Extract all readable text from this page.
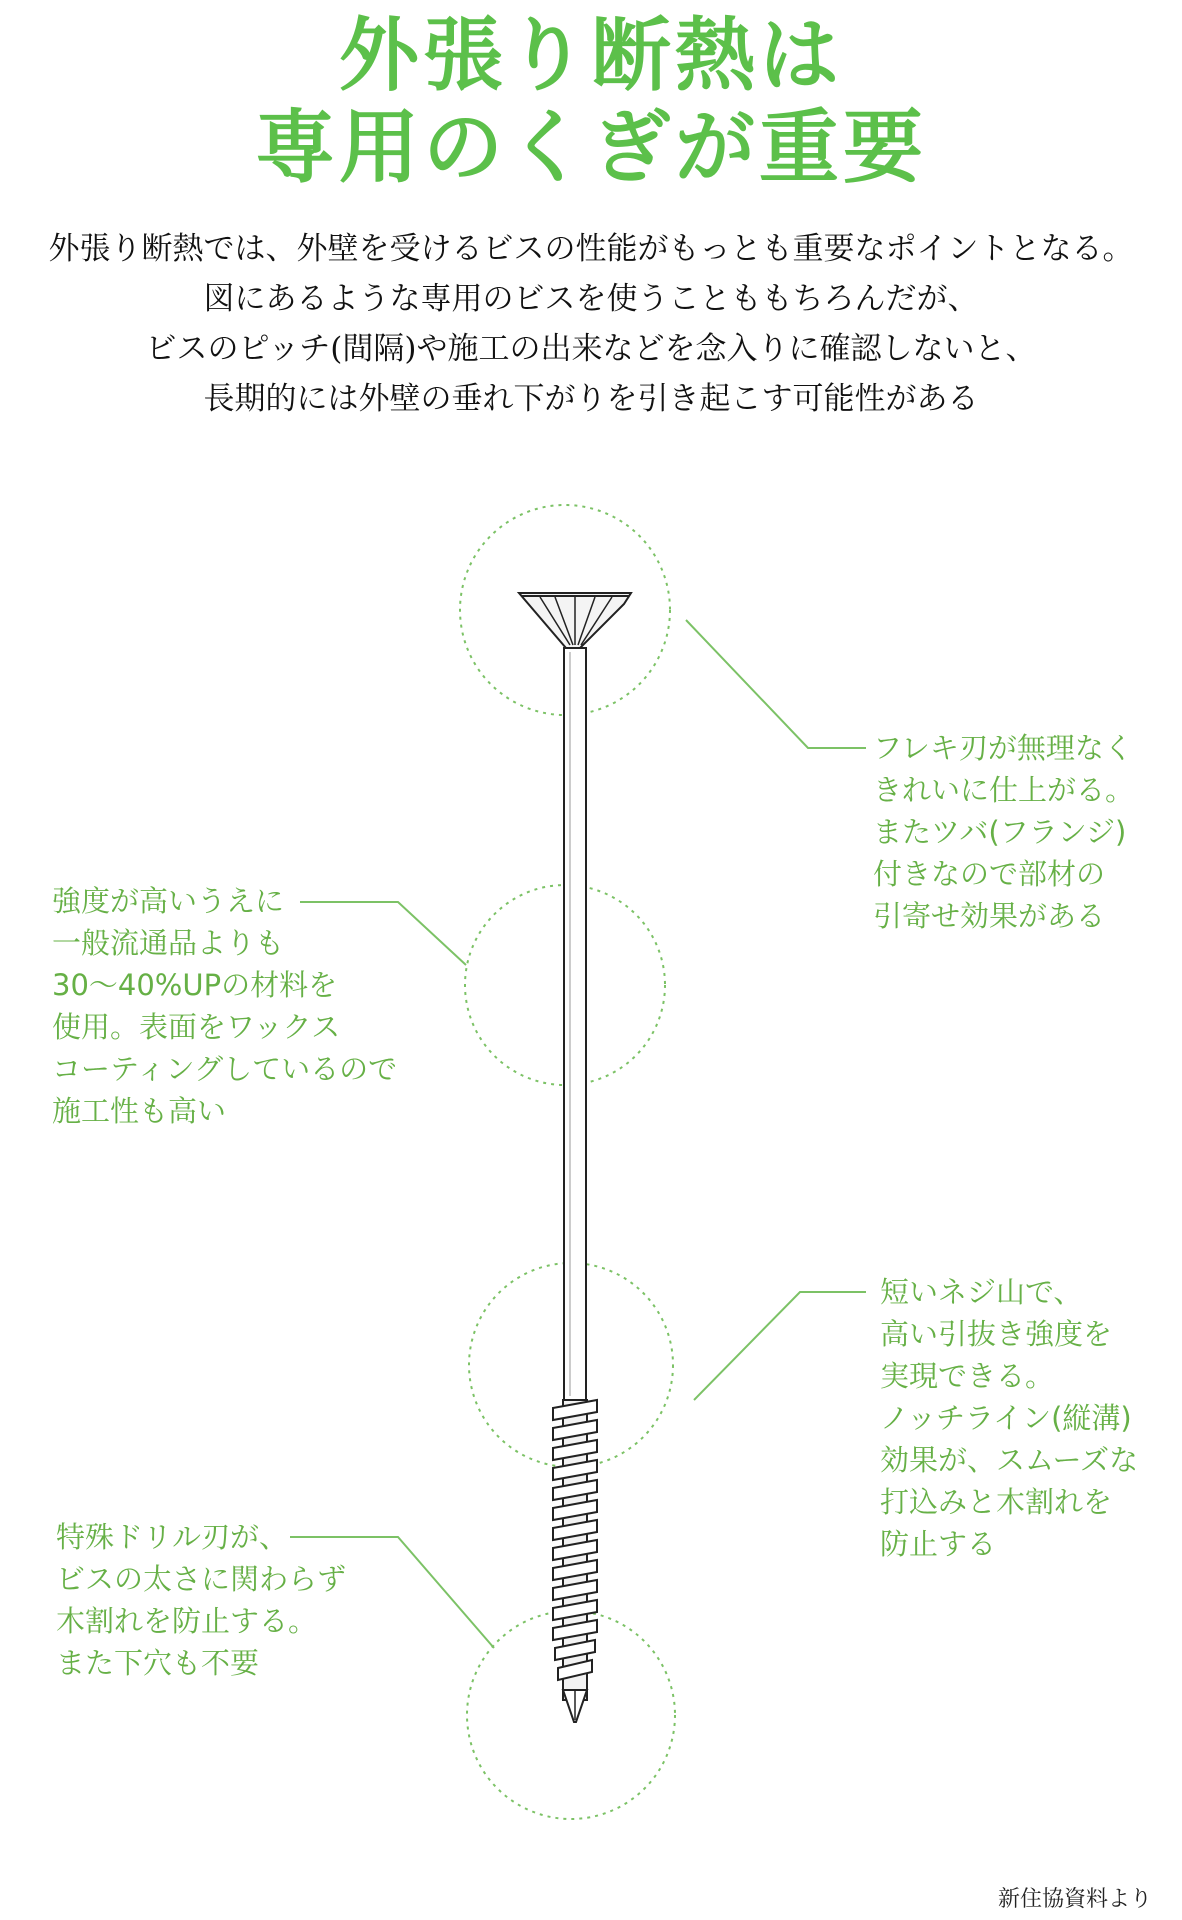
外張り断熱は
専用のくぎが重要
外張り断熱では、外壁を受けるビスの性能がもっとも重要なポイントとなる。
図にあるような専用のビスを使うことももちろんだが、
ビスのピッチ(間隔)や施工の出来などを念入りに確認しないと、
長期的には外壁の垂れ下がりを引き起こす可能性がある
フレキ刃が無理なく
きれいに仕上がる。
またツバ(フランジ)
付きなので部材の
引寄せ効果がある
強度が高いうえに
一般流通品よりも
30〜40%UPの材料を
使用。表面をワックス
コーティングしているので
施工性も高い
短いネジ山で、
高い引抜き強度を
実現できる。
ノッチライン(縦溝)
効果が、スムーズな
打込みと木割れを
防止する
特殊ドリル刃が、
ビスの太さに関わらず
木割れを防止する。
また下穴も不要
新住協資料より
